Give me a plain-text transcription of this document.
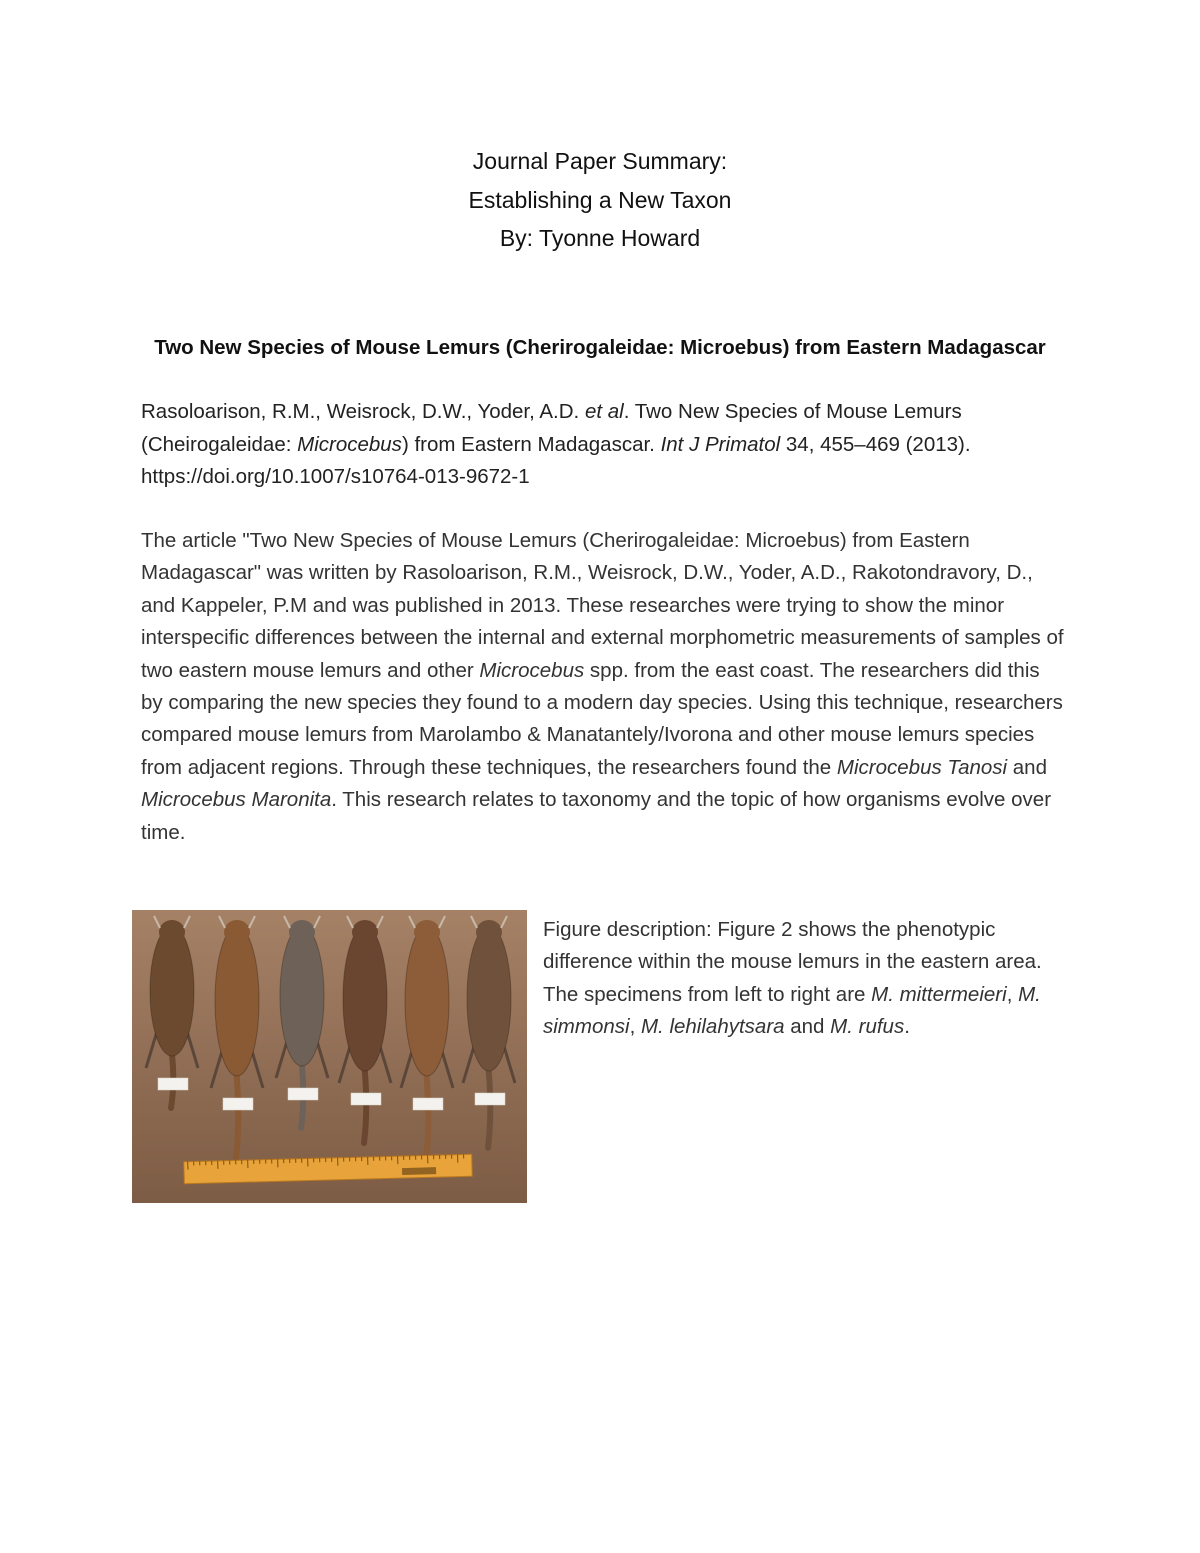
Journal Paper Summary:
Establishing a New Taxon
By: Tyonne Howard
Two New Species of Mouse Lemurs (Cherirogaleidae: Microebus) from Eastern Madagascar
Rasoloarison, R.M., Weisrock, D.W., Yoder, A.D. et al. Two New Species of Mouse Lemurs (Cheirogaleidae: Microcebus) from Eastern Madagascar. Int J Primatol 34, 455–469 (2013). https://doi.org/10.1007/s10764-013-9672-1
The article "Two New Species of Mouse Lemurs (Cherirogaleidae: Microebus) from Eastern Madagascar" was written by Rasoloarison, R.M., Weisrock, D.W., Yoder, A.D., Rakotondravory, D., and Kappeler, P.M and was published in 2013. These researches were trying to show the minor interspecific differences between the internal and external morphometric measurements of samples of two eastern mouse lemurs and other Microcebus spp. from the east coast. The researchers did this by comparing the new species they found to a modern day species. Using this technique, researchers compared mouse lemurs from Marolambo & Manatantely/Ivorona and other mouse lemurs species from adjacent regions. Through these techniques, the researchers found the Microcebus Tanosi and Microcebus Maronita. This research relates to taxonomy and the topic of how organisms evolve over time.
Figure description: Figure 2 shows the phenotypic difference within the mouse lemurs in the eastern area. The specimens from left to right are M. mittermeieri, M. simmonsi, M. lehilahytsara and M. rufus.
